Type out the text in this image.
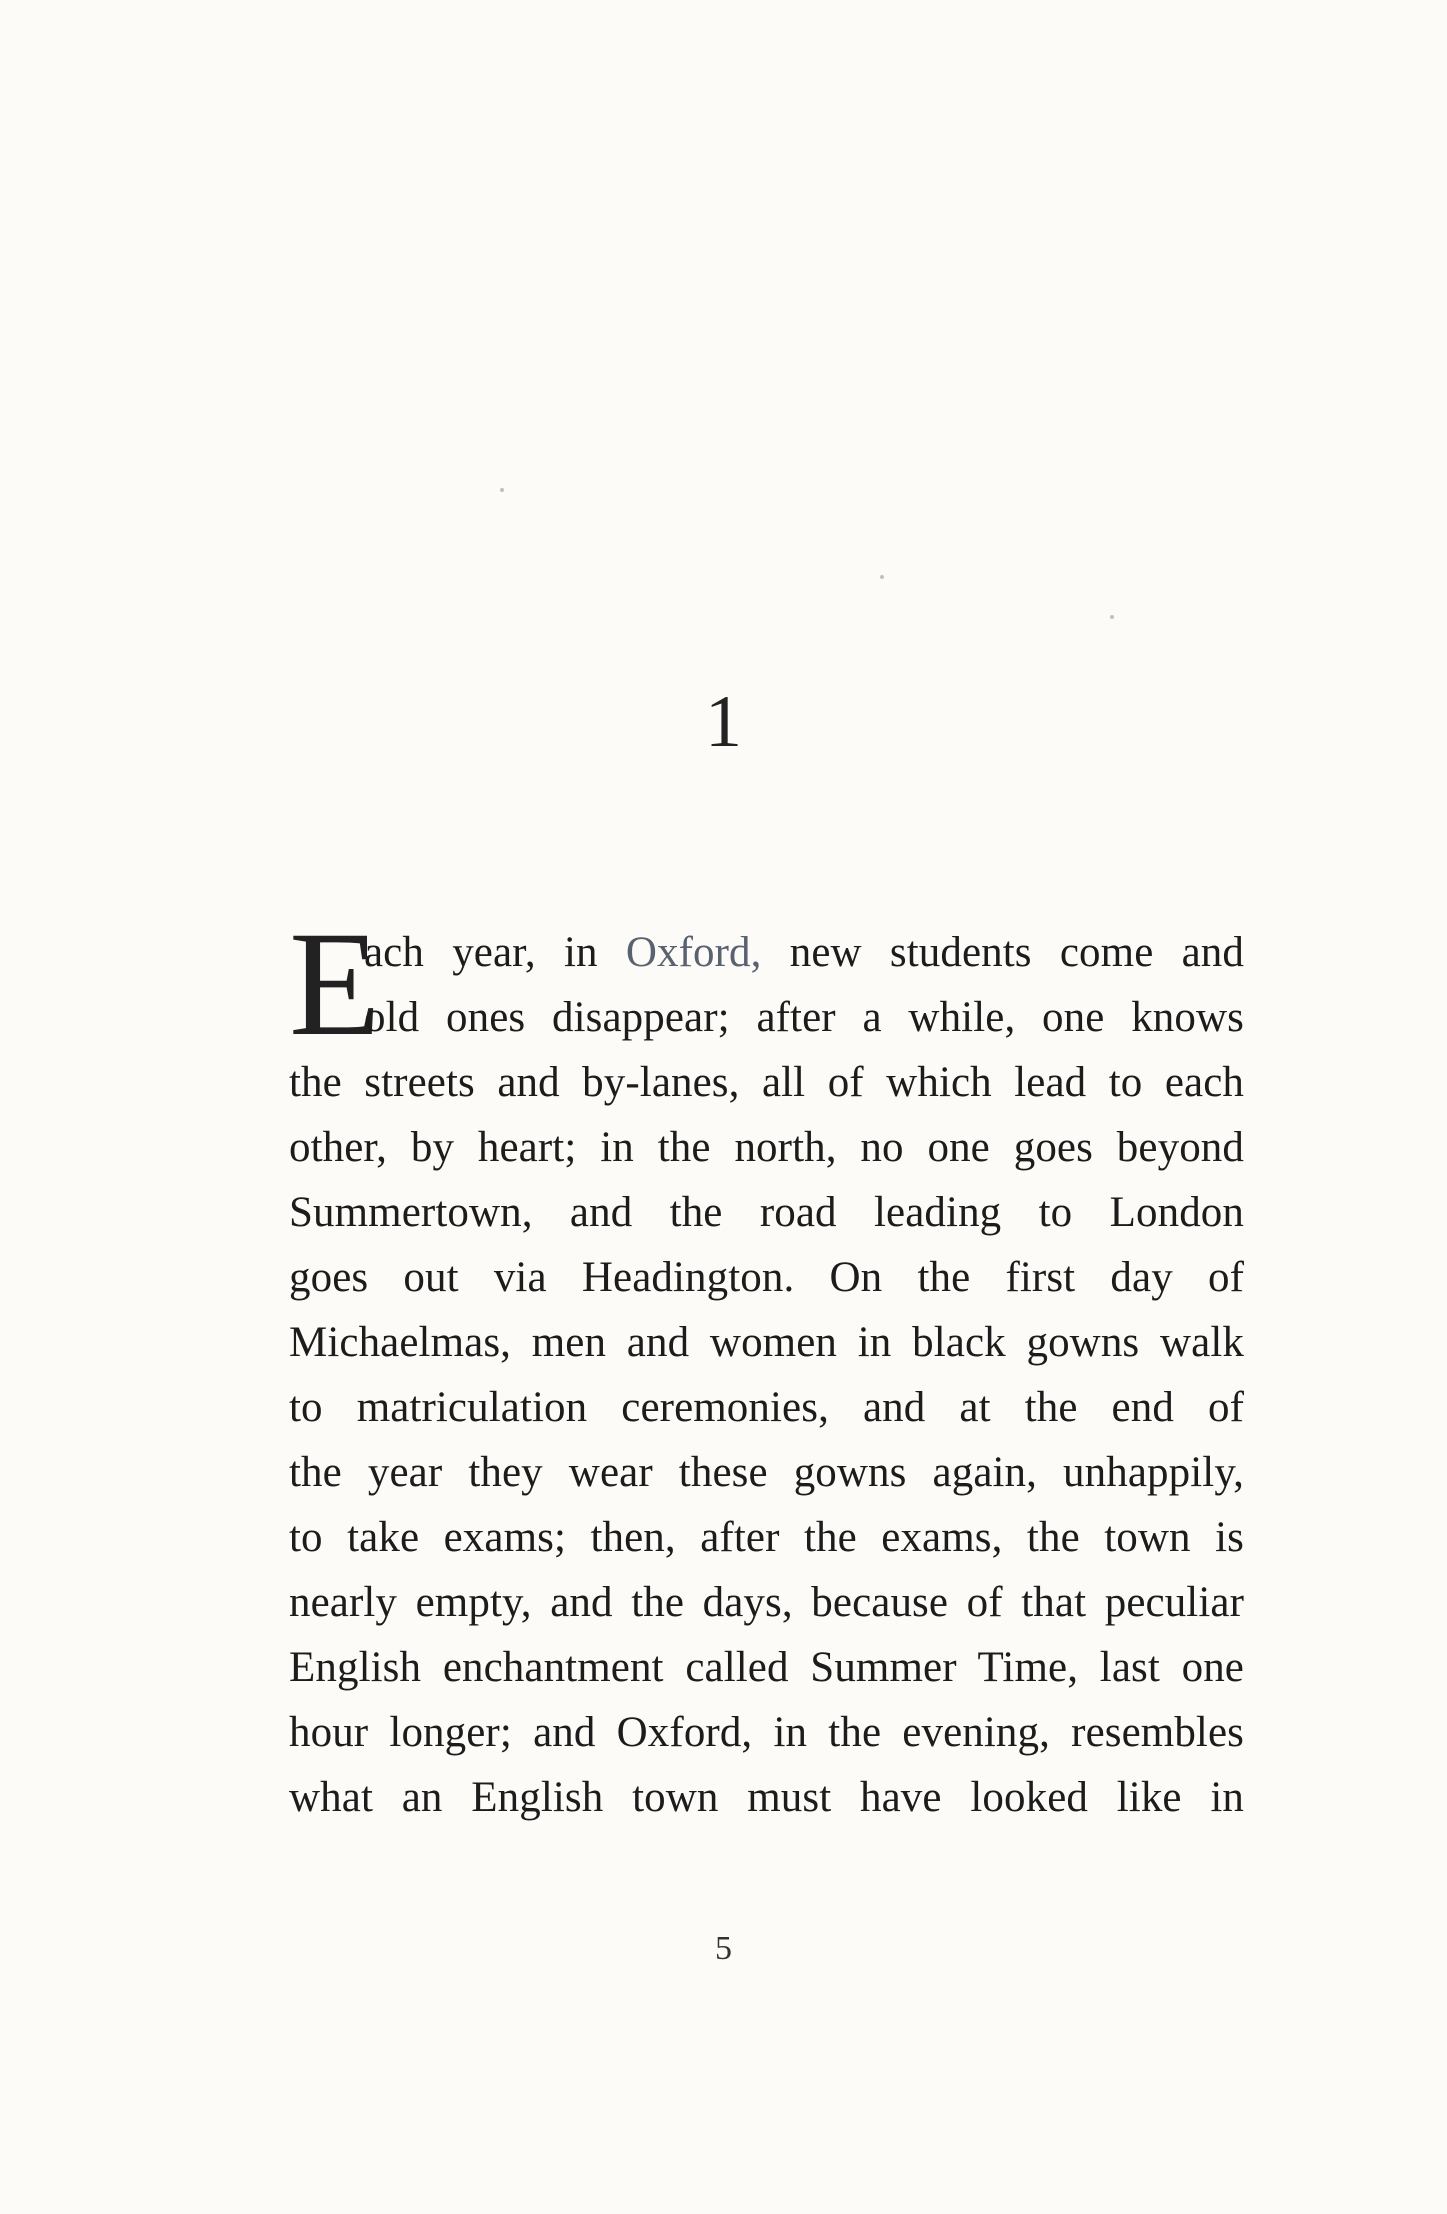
1
E
ach year, in Oxford, new students come and
old ones disappear; after a while, one knows
the streets and by-lanes, all of which lead to each
other, by heart; in the north, no one goes beyond
Summertown, and the road leading to London
goes out via Headington. On the first day of
Michaelmas, men and women in black gowns walk
to matriculation ceremonies, and at the end of
the year they wear these gowns again, unhappily,
to take exams; then, after the exams, the town is
nearly empty, and the days, because of that peculiar
English enchantment called Summer Time, last one
hour longer; and Oxford, in the evening, resembles
what an English town must have looked like in
5
